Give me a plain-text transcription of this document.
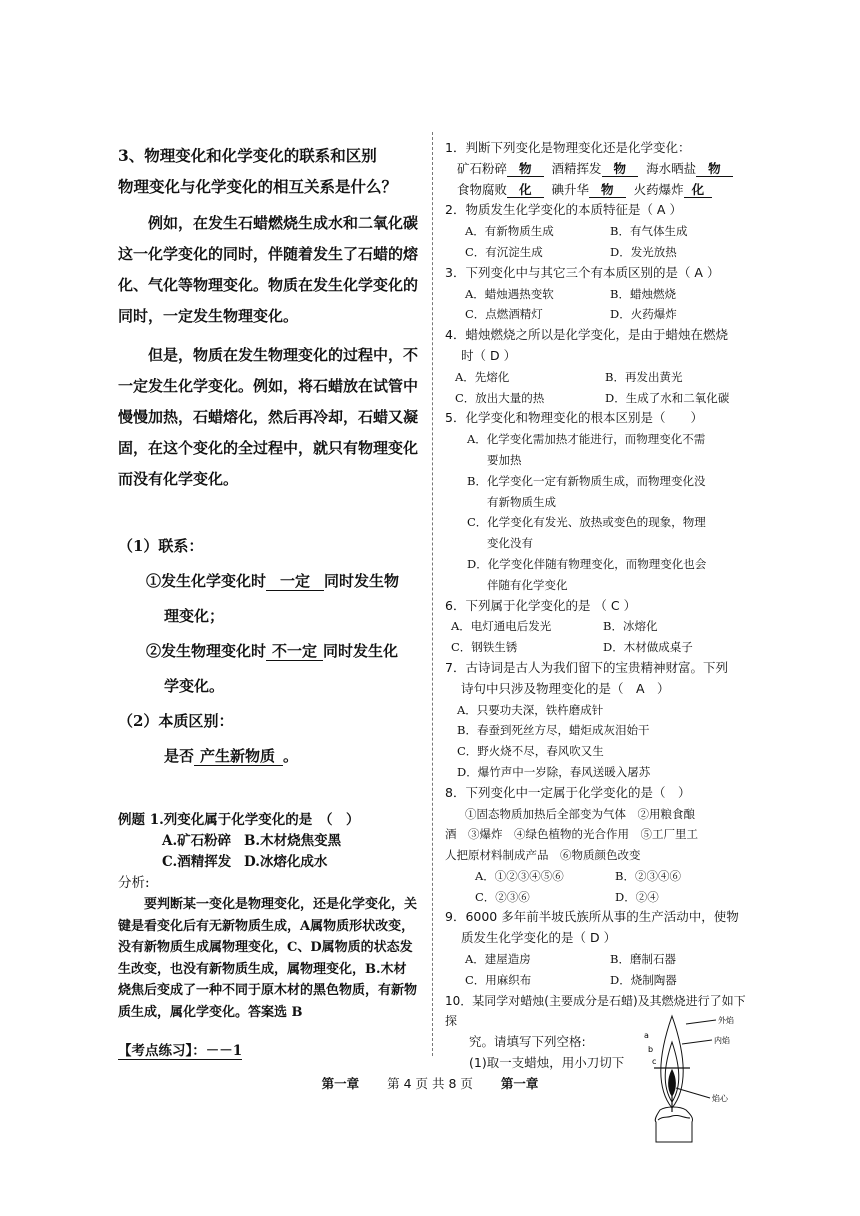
3、物理变化和化学变化的联系和区别
物理变化与化学变化的相互关系是什么？
例如，在发生石蜡燃烧生成水和二氧化碳这一化学变化的同时，伴随着发生了石蜡的熔化、气化等物理变化。物质在发生化学变化的同时，一定发生物理变化。
但是，物质在发生物理变化的过程中，不一定发生化学变化。例如，将石蜡放在试管中慢慢加热，石蜡熔化，然后再冷却，石蜡又凝固，在这个变化的全过程中，就只有物理变化而没有化学变化。
（1）联系：
①发生化学变化时 一定 同时发生物
理变化；
②发生物理变化时 不一定 同时发生化
学变化。
（2）本质区别：
是否 产生新物质 。
例题 1.列变化属于化学变化的是　（　）
A.矿石粉碎 B.木材烧焦变黑
C.酒精挥发 D.冰熔化成水
分析:
要判断某一变化是物理变化，还是化学变化，关键是看变化后有无新物质生成，A属物质形状改变，没有新物质生成属物理变化，C、D属物质的状态发生改变，也没有新物质生成，属物理变化，B.木材烧焦后变成了一种不同于原木材的黑色物质，有新物质生成，属化学变化。答案选 B
【考点练习】：－－1
1．判断下列变化是物理变化还是化学变化：
矿石粉碎 物	酒精挥发 物	海水晒盐 物
食物腐败 化	碘升华 物	火药爆炸 化
2．物质发生化学变化的本质特征是（ A ）
A．有新物质生成	B．有气体生成
C．有沉淀生成	D．发光放热
3．下列变化中与其它三个有本质区别的是（ A ）
A．蜡烛遇热变软	B．蜡烛燃烧
C．点燃酒精灯	D．火药爆炸
4．蜡烛燃烧之所以是化学变化，是由于蜡烛在燃烧
时（ D ）
A．先熔化	B．再发出黄光
C．放出大量的热	D．生成了水和二氧化碳
5．化学变化和物理变化的根本区别是（　　）
A．化学变化需加热才能进行，而物理变化不需
要加热
B．化学变化一定有新物质生成，而物理变化没
有新物质生成
C．化学变化有发光、放热或变色的现象，物理
变化没有
D．化学变化伴随有物理变化，而物理变化也会
伴随有化学变化
6．下列属于化学变化的是 （ C ）
A．电灯通电后发光	B．冰熔化
C．钢铁生锈	D．木材做成桌子
7．古诗词是古人为我们留下的宝贵精神财富。下列
诗句中只涉及物理变化的是（　A　）
A．只要功夫深，铁杵磨成针
B．春蚕到死丝方尽，蜡炬成灰泪始干
C．野火烧不尽，春风吹又生
D．爆竹声中一岁除，春风送暖入屠苏
8．下列变化中一定属于化学变化的是（　）
①固态物质加热后全部变为气体　②用粮食酿
酒　③爆炸　④绿色植物的光合作用　⑤工厂里工
人把原材料制成产品　⑥物质颜色改变
A．①②③④⑤⑥	B．②③④⑥
C．②③⑥	D．②④
9．6000 多年前半坡氏族所从事的生产活动中，使物
质发生化学变化的是（ D ）
A．建屋造房	B．磨制石器
C．用麻织布	D．烧制陶器
10．某同学对蜡烛(主要成分是石蜡)及其燃烧进行了如下探
究。请填写下列空格:
(1)取一支蜡烛，用小刀切下
外焰
内焰
焰心
a
b
c
第一章 第 4 页 共 8 页 第一章
